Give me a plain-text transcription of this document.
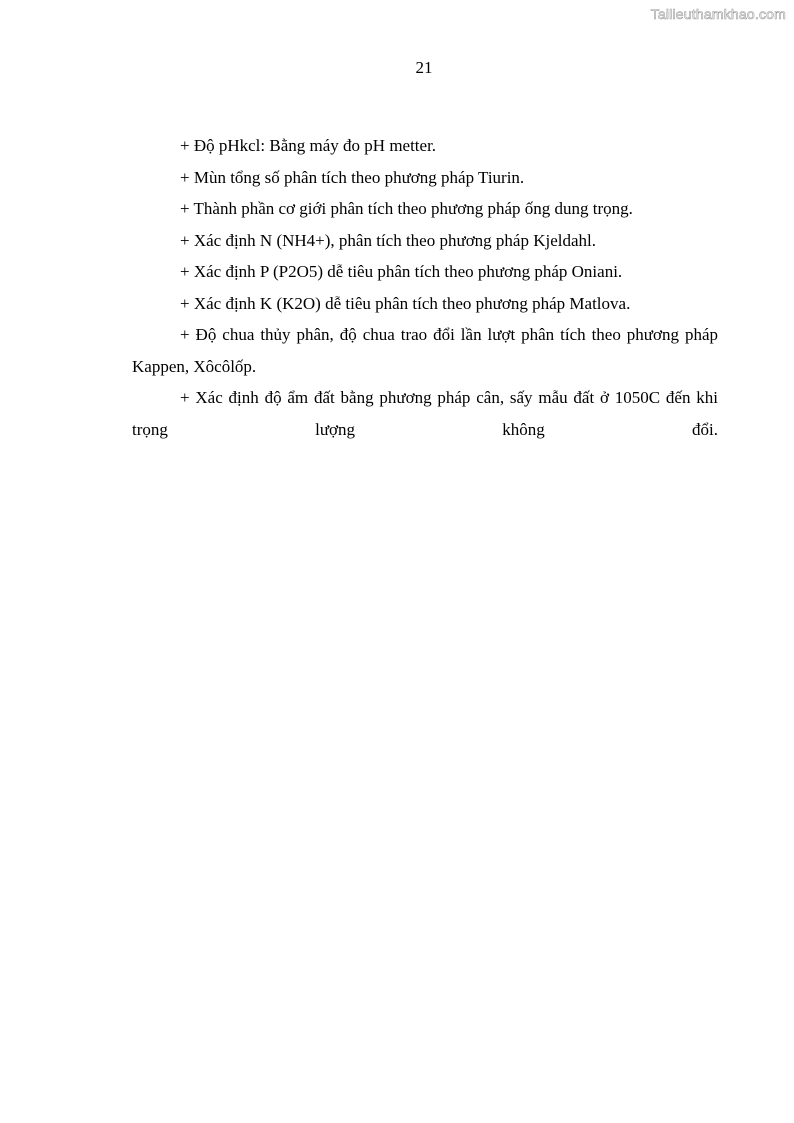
Tailieuthamkhao.com
21

+ Độ pHkcl: Bằng máy đo pH metter.

+ Mùn tổng số phân tích theo phương pháp Tiurin.

+ Thành phần cơ giới phân tích theo phương pháp ống dung trọng.

+ Xác định N (NH4+), phân tích theo phương pháp Kjeldahl.

+ Xác định P (P2O5) dễ tiêu phân tích theo phương pháp Oniani.

+ Xác định K (K2O) dễ tiêu phân tích theo phương pháp Matlova.

+ Độ chua thủy phân, độ chua trao đổi lần lượt phân tích theo phương pháp Kappen, Xôcôlốp.

+ Xác định độ ẩm đất bằng phương pháp cân, sấy mẫu đất ở 1050C đến khi trọng lượng không đổi.
